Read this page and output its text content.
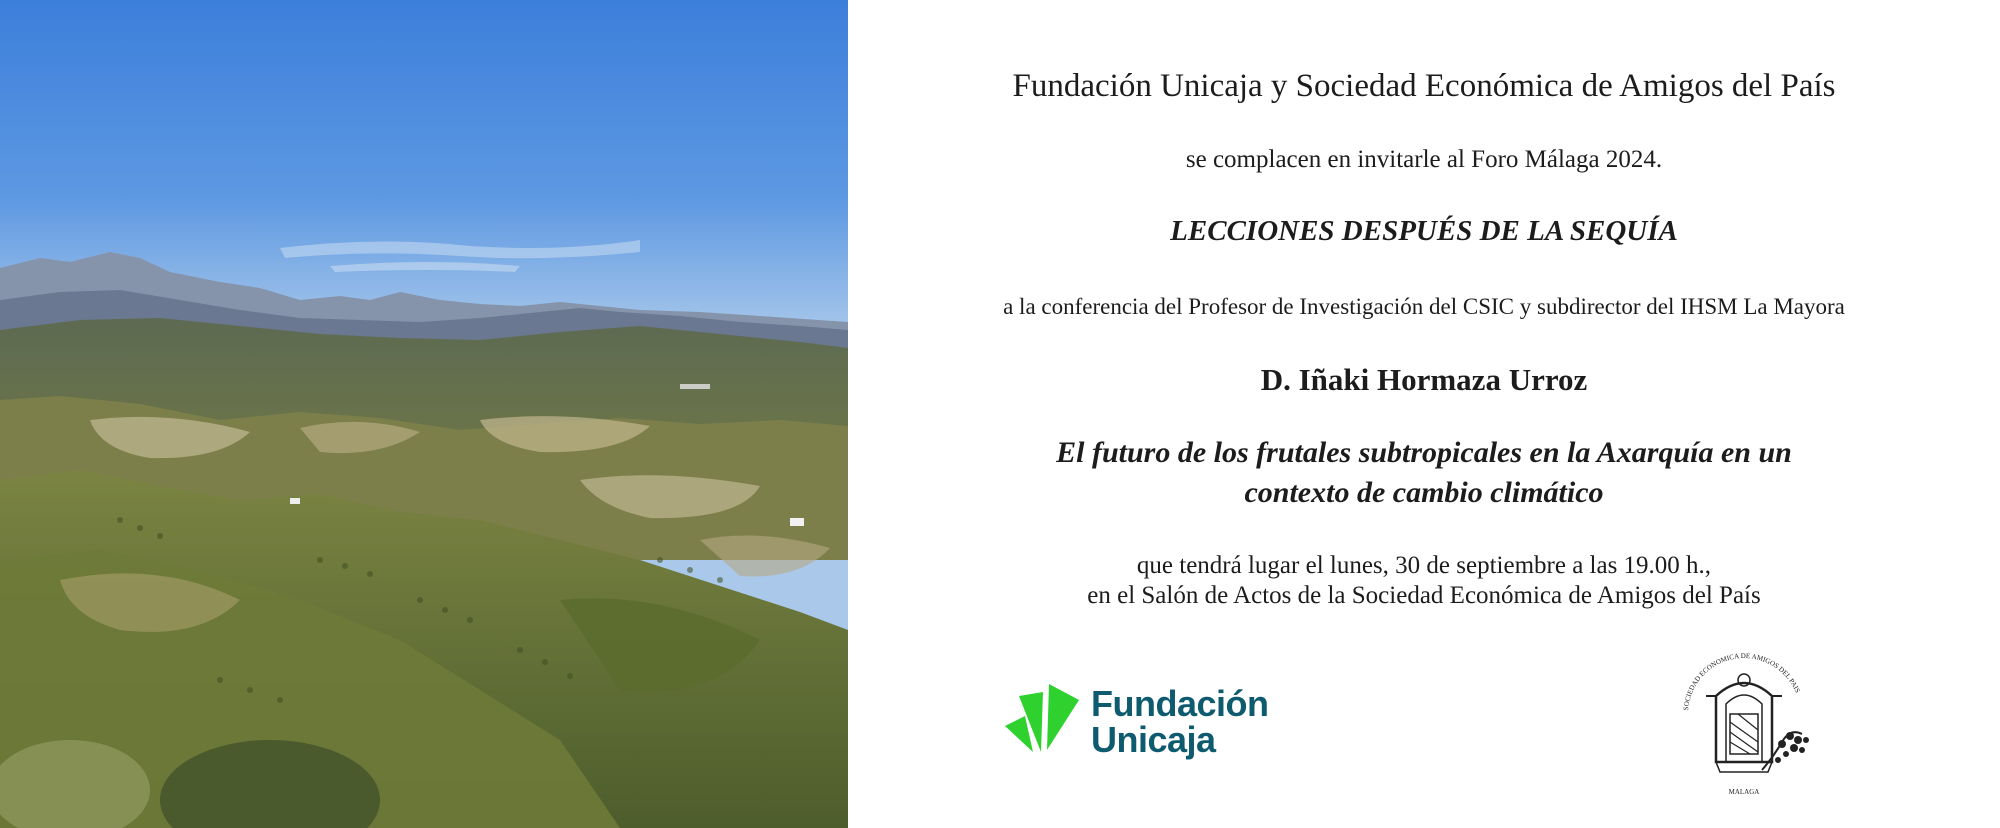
Fundación Unicaja y Sociedad Económica de Amigos del País
se complacen en invitarle al Foro Málaga 2024.
LECCIONES DESPUÉS DE LA SEQUÍA
a la conferencia del Profesor de Investigación del CSIC y subdirector del IHSM La Mayora
D. Iñaki Hormaza Urroz
El futuro de los frutales subtropicales en la Axarquía en un
contexto de cambio climático
que tendrá lugar el lunes, 30 de septiembre a las 19.00 h.,
en el Salón de Actos de la Sociedad Económica de Amigos del País
Fundación
Unicaja
SOCIEDAD ECONOMICA DE AMIGOS DEL PAIS
MALAGA
